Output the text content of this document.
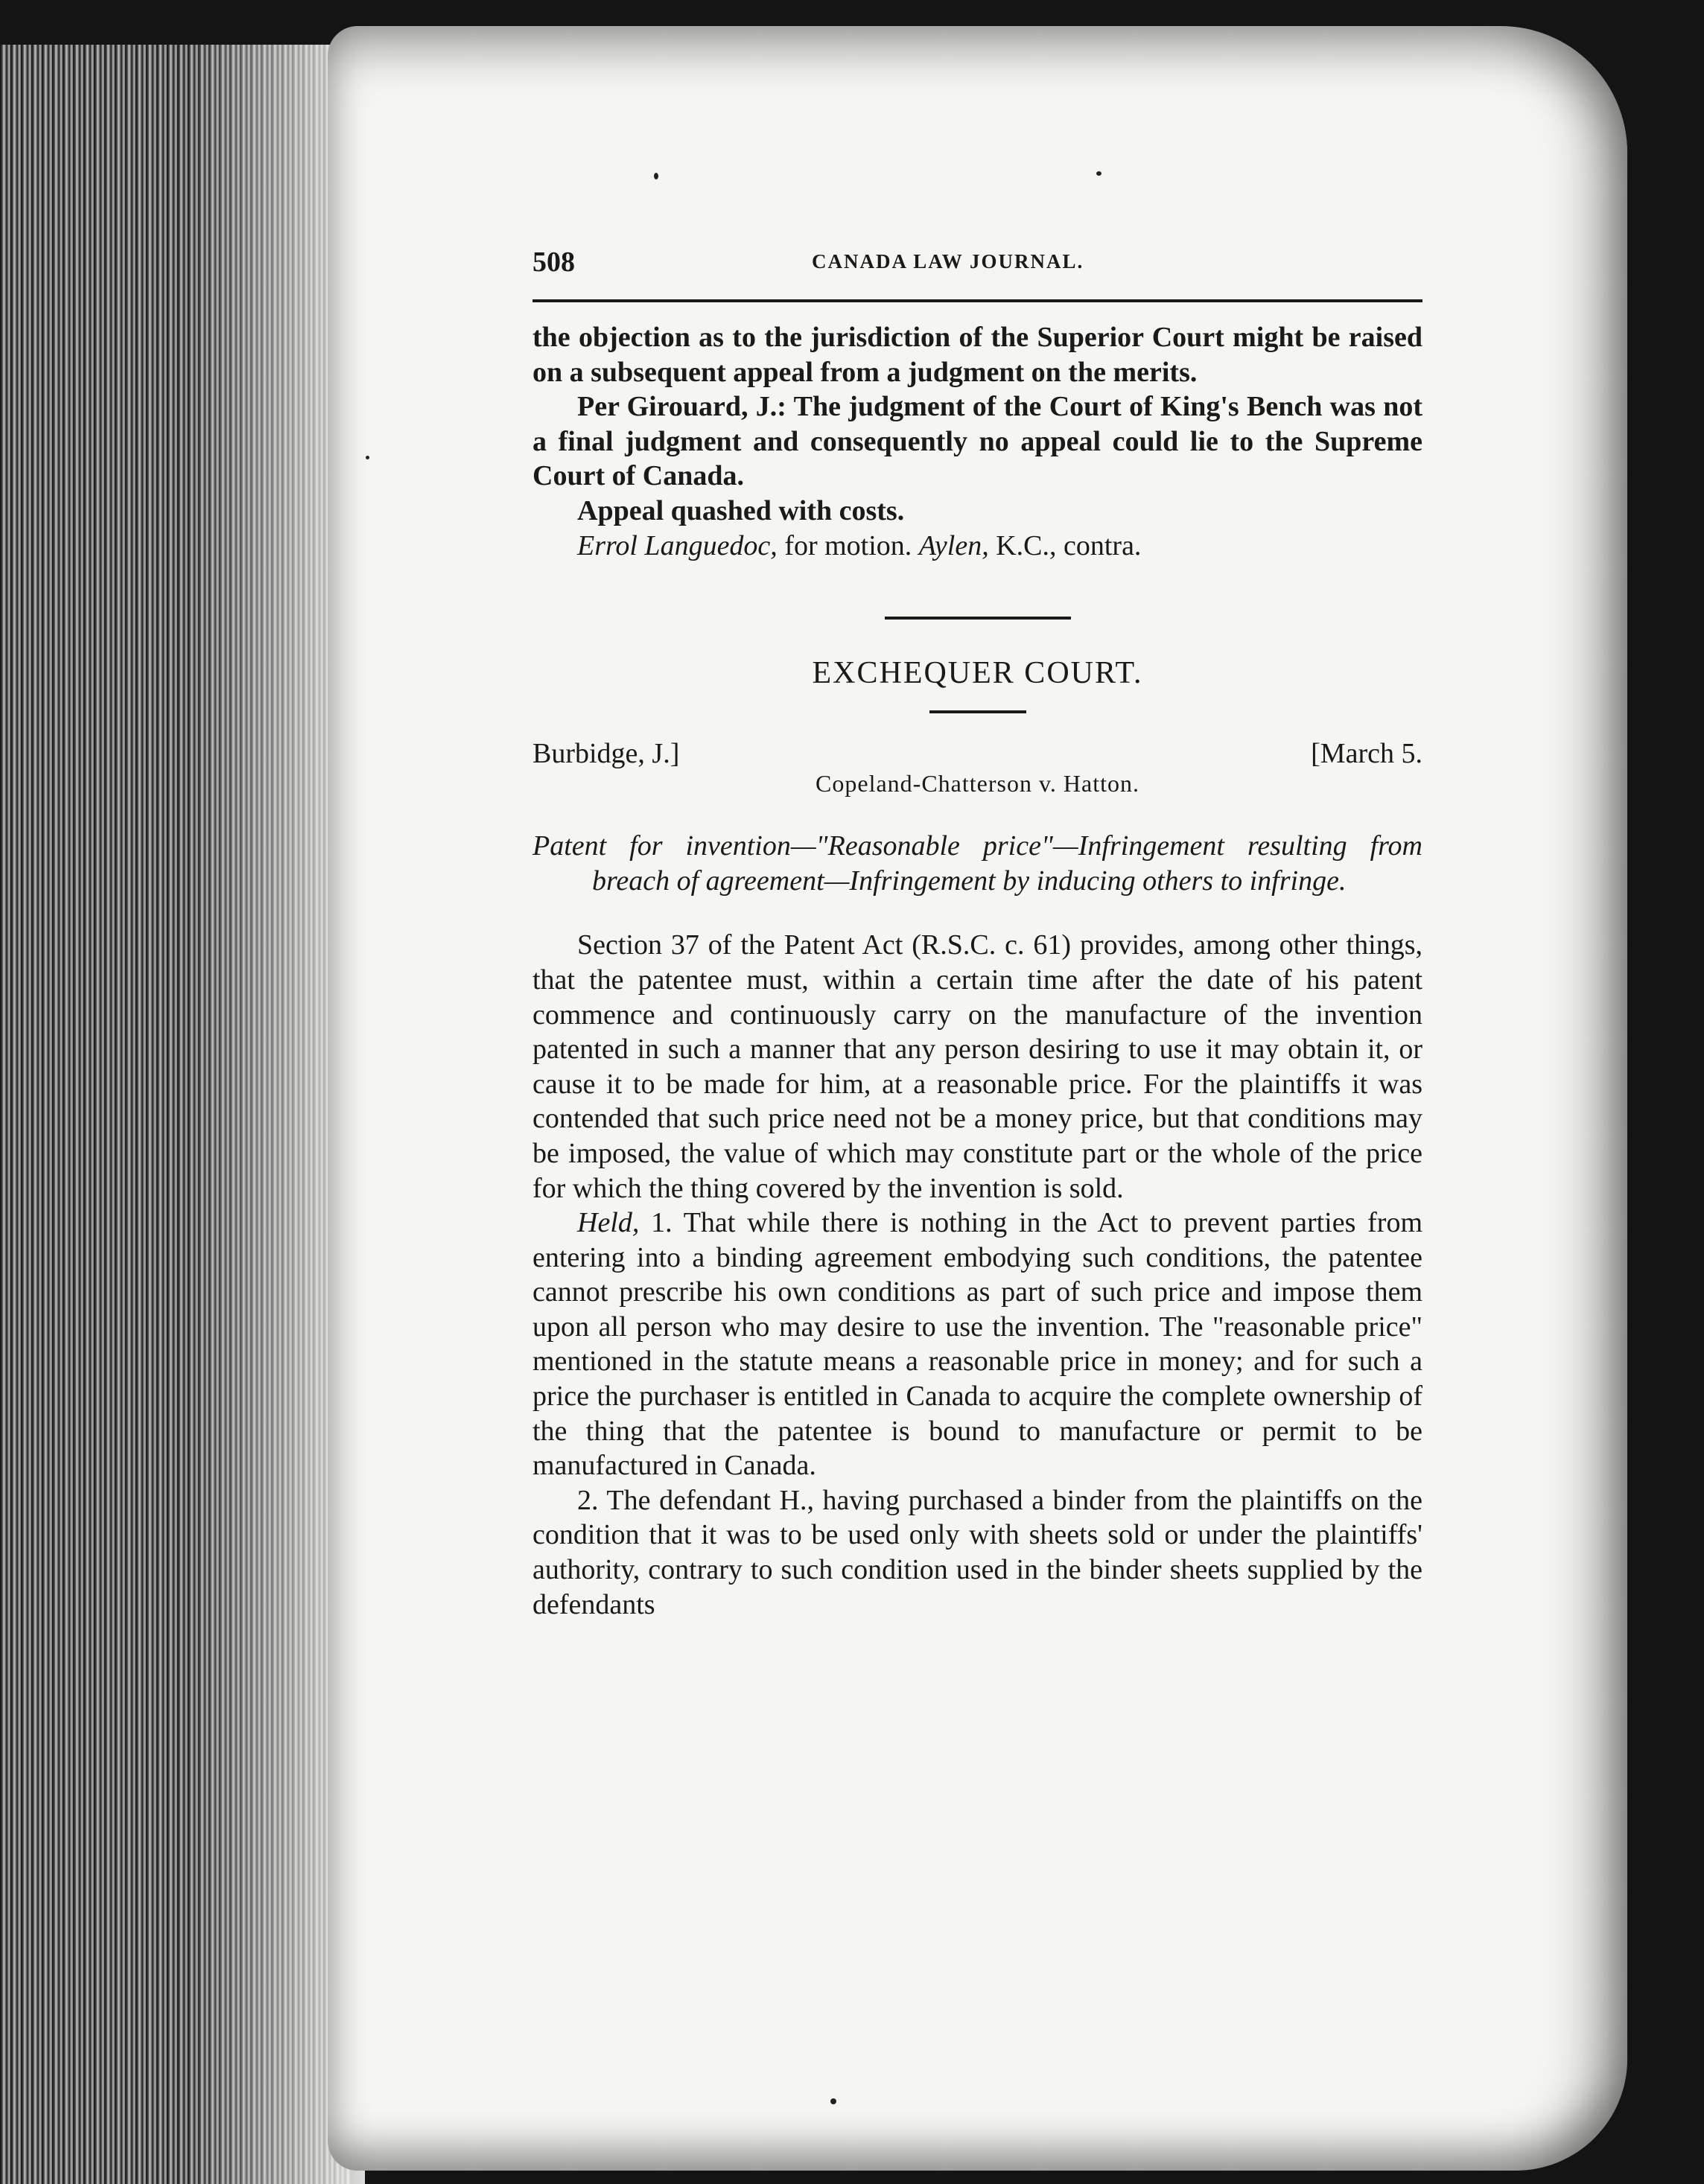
508	CANADA LAW JOURNAL.

the objection as to the jurisdiction of the Superior Court might be raised on a subsequent appeal from a judgment on the merits.

Per Girouard, J.: The judgment of the Court of King's Bench was not a final judgment and consequently no appeal could lie to the Supreme Court of Canada.

Appeal quashed with costs.

Errol Languedoc, for motion. Aylen, K.C., contra.

EXCHEQUER COURT.
Burbidge, J.]	[March 5.
Copeland-Chatterson v. Hatton.
Patent for invention—"Reasonable price"—Infringement resulting from breach of agreement—Infringement by inducing others to infringe.

Section 37 of the Patent Act (R.S.C. c. 61) provides, among other things, that the patentee must, within a certain time after the date of his patent commence and continuously carry on the manufacture of the invention patented in such a manner that any person desiring to use it may obtain it, or cause it to be made for him, at a reasonable price. For the plaintiffs it was contended that such price need not be a money price, but that conditions may be imposed, the value of which may constitute part or the whole of the price for which the thing covered by the invention is sold.

Held, 1. That while there is nothing in the Act to prevent parties from entering into a binding agreement embodying such conditions, the patentee cannot prescribe his own conditions as part of such price and impose them upon all person who may desire to use the invention. The "reasonable price" mentioned in the statute means a reasonable price in money; and for such a price the purchaser is entitled in Canada to acquire the complete ownership of the thing that the patentee is bound to manufacture or permit to be manufactured in Canada.

2. The defendant H., having purchased a binder from the plaintiffs on the condition that it was to be used only with sheets sold or under the plaintiffs' authority, contrary to such condition used in the binder sheets supplied by the defendants
